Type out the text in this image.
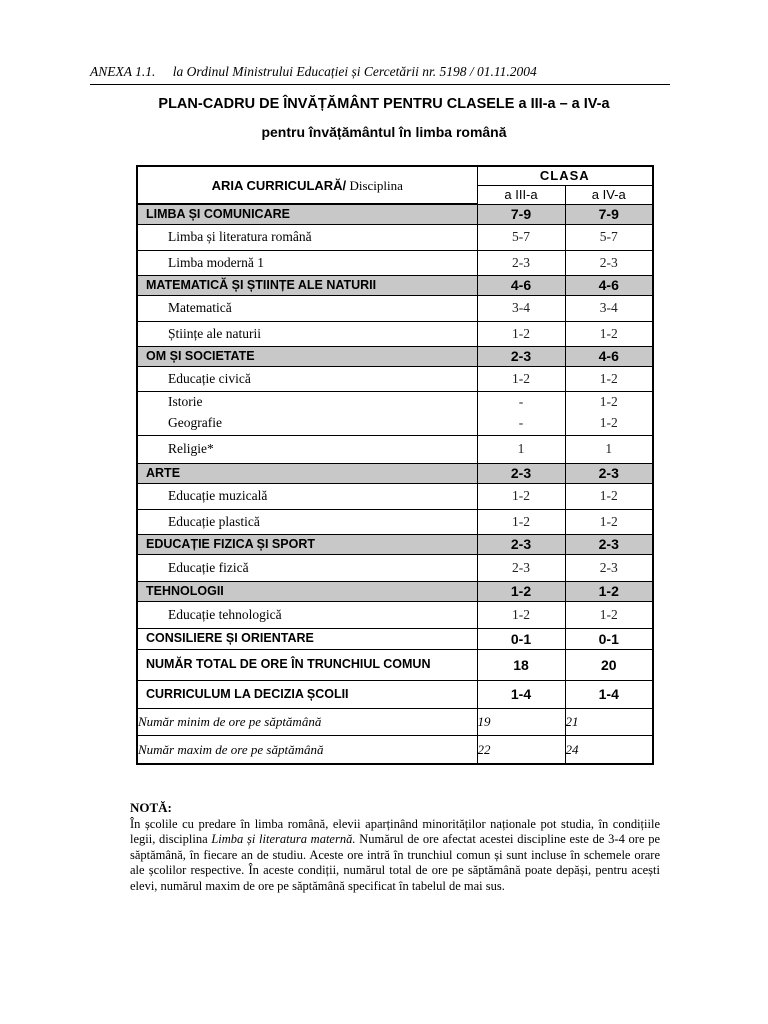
ANEXA 1.1. la Ordinul Ministrului Educației și Cercetării nr. 5198 / 01.11.2004
PLAN-CADRU DE ÎNVĂȚĂMÂNT PENTRU CLASELE a III-a – a IV-a
pentru învățământul în limba română
ARIA CURRICULARĂ/ Disciplina	CLASA	
	a III-a	a IV-a
LIMBA ȘI COMUNICARE	7-9	7-9
Limba și literatura română	5-7	5-7
Limba modernă 1	2-3	2-3
MATEMATICĂ ȘI ȘTIINȚE ALE NATURII	4-6	4-6
Matematică	3-4	3-4
Științe ale naturii	1-2	1-2
OM ȘI SOCIETATE	2-3	4-6
Educație civică	1-2	1-2
Istorie	-	1-2
Geografie	-	1-2
Religie*	1	1
ARTE	2-3	2-3
Educație muzicală	1-2	1-2
Educație plastică	1-2	1-2
EDUCAȚIE FIZICA ȘI SPORT	2-3	2-3
Educație fizică	2-3	2-3
TEHNOLOGII	1-2	1-2
Educație tehnologică	1-2	1-2
CONSILIERE ȘI ORIENTARE	0-1	0-1
NUMĂR TOTAL DE ORE ÎN TRUNCHIUL COMUN	18	20
CURRICULUM LA DECIZIA ȘCOLII	1-4	1-4
Număr minim de ore pe săptămână	19	21
Număr maxim de ore pe săptămână	22	24
NOTĂ:
În școlile cu predare în limba română, elevii aparținând minorităților naționale pot studia, în condițiile legii, disciplina Limba și literatura maternă. Numărul de ore afectat acestei discipline este de 3-4 ore pe săptămână, în fiecare an de studiu. Aceste ore intră în trunchiul comun și sunt incluse în schemele orare ale școlilor respective. În aceste condiții, numărul total de ore pe săptămână poate depăși, pentru acești elevi, numărul maxim de ore pe săptămână specificat în tabelul de mai sus.
